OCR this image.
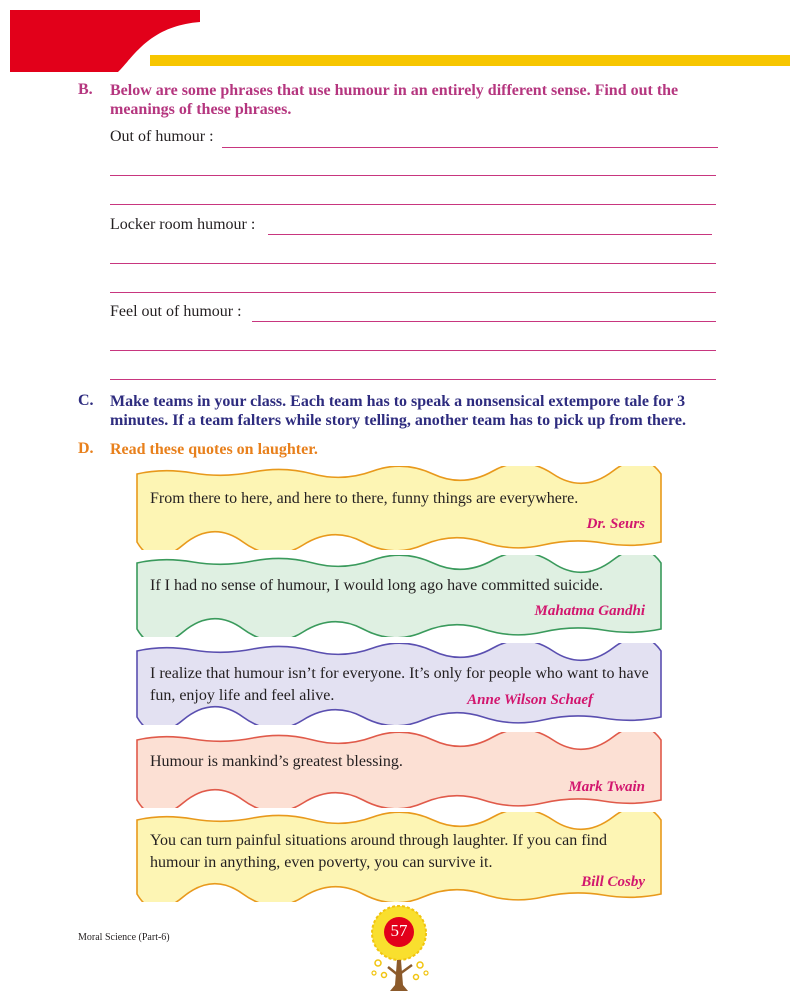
B. Below are some phrases that use humour in an entirely different sense. Find out the meanings of these phrases.
Out of humour :
Locker room humour :
Feel out of humour :
C. Make teams in your class. Each team has to speak a nonsensical extempore tale for 3 minutes. If a team falters while story telling, another team has to pick up from there.
D. Read these quotes on laughter.
From there to here, and here to there, funny things are everywhere.
Dr. Seurs
If I had no sense of humour, I would long ago have committed suicide.
Mahatma Gandhi
I realize that humour isn’t for everyone. It’s only for people who want to have fun, enjoy life and feel alive.	Anne Wilson Schaef
Humour is mankind’s greatest blessing.
Mark Twain
You can turn painful situations around through laughter. If you can find humour in anything, even poverty, you can survive it.
Bill Cosby
Moral Science (Part-6)	57
